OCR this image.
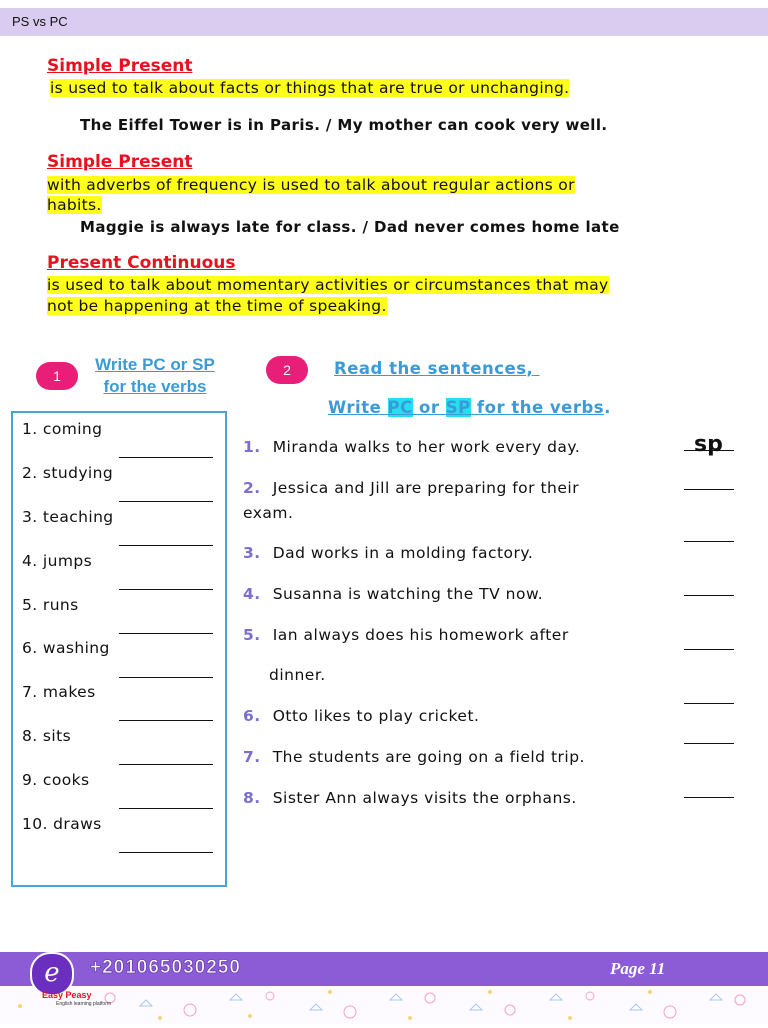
PS vs PC
Simple Present
is used to talk about facts or things that are true or unchanging.
The Eiffel Tower is in Paris. / My mother can cook very well.
Simple Present
with adverbs of frequency is used to talk about regular actions or
habits.
Maggie is always late for class. / Dad never comes home late
Present Continuous
is used to talk about momentary activities or circumstances that may
not be happening at the time of speaking.
1
Write PC or SP
for the verbs
1. coming
2. studying
3. teaching
4. jumps
5. runs
6. washing
7. makes
8. sits
9. cooks
10. draws
2	Read the sentences,
Write PC or SP for the verbs.
1. Miranda walks to her work every day.	sp
2. Jessica and Jill are preparing for their
exam.
3. Dad works in a molding factory.
4. Susanna is watching the TV now.
5. Ian always does his homework after
dinner.
6. Otto likes to play cricket.
7. The students are going on a field trip.
8. Sister Ann always visits the orphans.
+201065030250	Page 11
e
Easy Peasy
English learning platform
